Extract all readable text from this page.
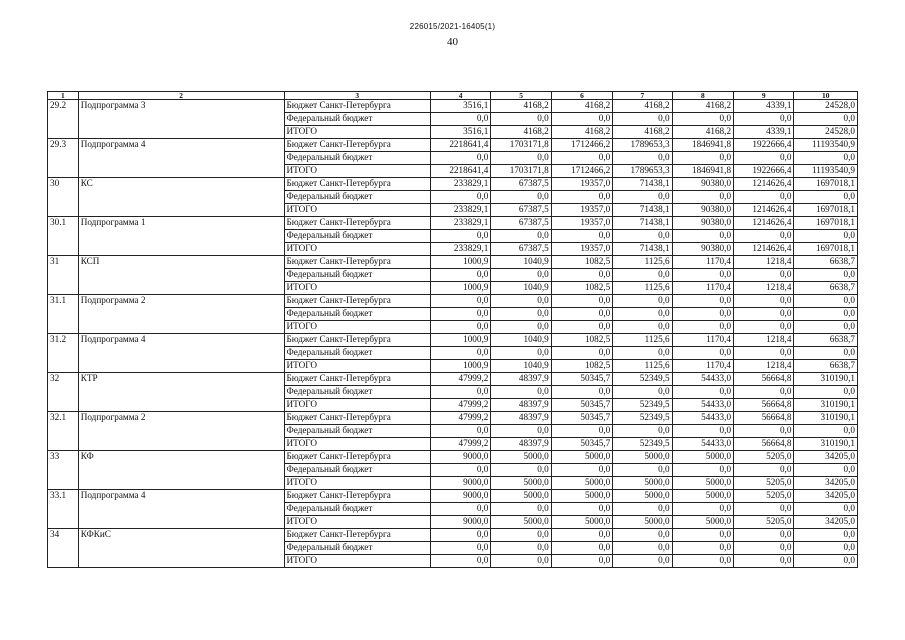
226015/2021-16405(1)
40
1	2	3	4	5	6	7	8	9	10
29.2	Подпрограмма 3	Бюджет Санкт-Петербурга	3516,1	4168,2	4168,2	4168,2	4168,2	4339,1	24528,0
		Федеральный бюджет	0,0	0,0	0,0	0,0	0,0	0,0	0,0
		ИТОГО	3516,1	4168,2	4168,2	4168,2	4168,2	4339,1	24528,0
29.3	Подпрограмма 4	Бюджет Санкт-Петербурга	2218641,4	1703171,8	1712466,2	1789653,3	1846941,8	1922666,4	11193540,9
		Федеральный бюджет	0,0	0,0	0,0	0,0	0,0	0,0	0,0
		ИТОГО	2218641,4	1703171,8	1712466,2	1789653,3	1846941,8	1922666,4	11193540,9
30	КС	Бюджет Санкт-Петербурга	233829,1	67387,5	19357,0	71438,1	90380,0	1214626,4	1697018,1
		Федеральный бюджет	0,0	0,0	0,0	0,0	0,0	0,0	0,0
		ИТОГО	233829,1	67387,5	19357,0	71438,1	90380,0	1214626,4	1697018,1
30.1	Подпрограмма 1	Бюджет Санкт-Петербурга	233829,1	67387,5	19357,0	71438,1	90380,0	1214626,4	1697018,1
		Федеральный бюджет	0,0	0,0	0,0	0,0	0,0	0,0	0,0
		ИТОГО	233829,1	67387,5	19357,0	71438,1	90380,0	1214626,4	1697018,1
31	КСП	Бюджет Санкт-Петербурга	1000,9	1040,9	1082,5	1125,6	1170,4	1218,4	6638,7
		Федеральный бюджет	0,0	0,0	0,0	0,0	0,0	0,0	0,0
		ИТОГО	1000,9	1040,9	1082,5	1125,6	1170,4	1218,4	6638,7
31.1	Подпрограмма 2	Бюджет Санкт-Петербурга	0,0	0,0	0,0	0,0	0,0	0,0	0,0
		Федеральный бюджет	0,0	0,0	0,0	0,0	0,0	0,0	0,0
		ИТОГО	0,0	0,0	0,0	0,0	0,0	0,0	0,0
31.2	Подпрограмма 4	Бюджет Санкт-Петербурга	1000,9	1040,9	1082,5	1125,6	1170,4	1218,4	6638,7
		Федеральный бюджет	0,0	0,0	0,0	0,0	0,0	0,0	0,0
		ИТОГО	1000,9	1040,9	1082,5	1125,6	1170,4	1218,4	6638,7
32	КТР	Бюджет Санкт-Петербурга	47999,2	48397,9	50345,7	52349,5	54433,0	56664,8	310190,1
		Федеральный бюджет	0,0	0,0	0,0	0,0	0,0	0,0	0,0
		ИТОГО	47999,2	48397,9	50345,7	52349,5	54433,0	56664,8	310190,1
32.1	Подпрограмма 2	Бюджет Санкт-Петербурга	47999,2	48397,9	50345,7	52349,5	54433,0	56664,8	310190,1
		Федеральный бюджет	0,0	0,0	0,0	0,0	0,0	0,0	0,0
		ИТОГО	47999,2	48397,9	50345,7	52349,5	54433,0	56664,8	310190,1
33	КФ	Бюджет Санкт-Петербурга	9000,0	5000,0	5000,0	5000,0	5000,0	5205,0	34205,0
		Федеральный бюджет	0,0	0,0	0,0	0,0	0,0	0,0	0,0
		ИТОГО	9000,0	5000,0	5000,0	5000,0	5000,0	5205,0	34205,0
33.1	Подпрограмма 4	Бюджет Санкт-Петербурга	9000,0	5000,0	5000,0	5000,0	5000,0	5205,0	34205,0
		Федеральный бюджет	0,0	0,0	0,0	0,0	0,0	0,0	0,0
		ИТОГО	9000,0	5000,0	5000,0	5000,0	5000,0	5205,0	34205,0
34	КФКиС	Бюджет Санкт-Петербурга	0,0	0,0	0,0	0,0	0,0	0,0	0,0
		Федеральный бюджет	0,0	0,0	0,0	0,0	0,0	0,0	0,0
		ИТОГО	0,0	0,0	0,0	0,0	0,0	0,0	0,0
